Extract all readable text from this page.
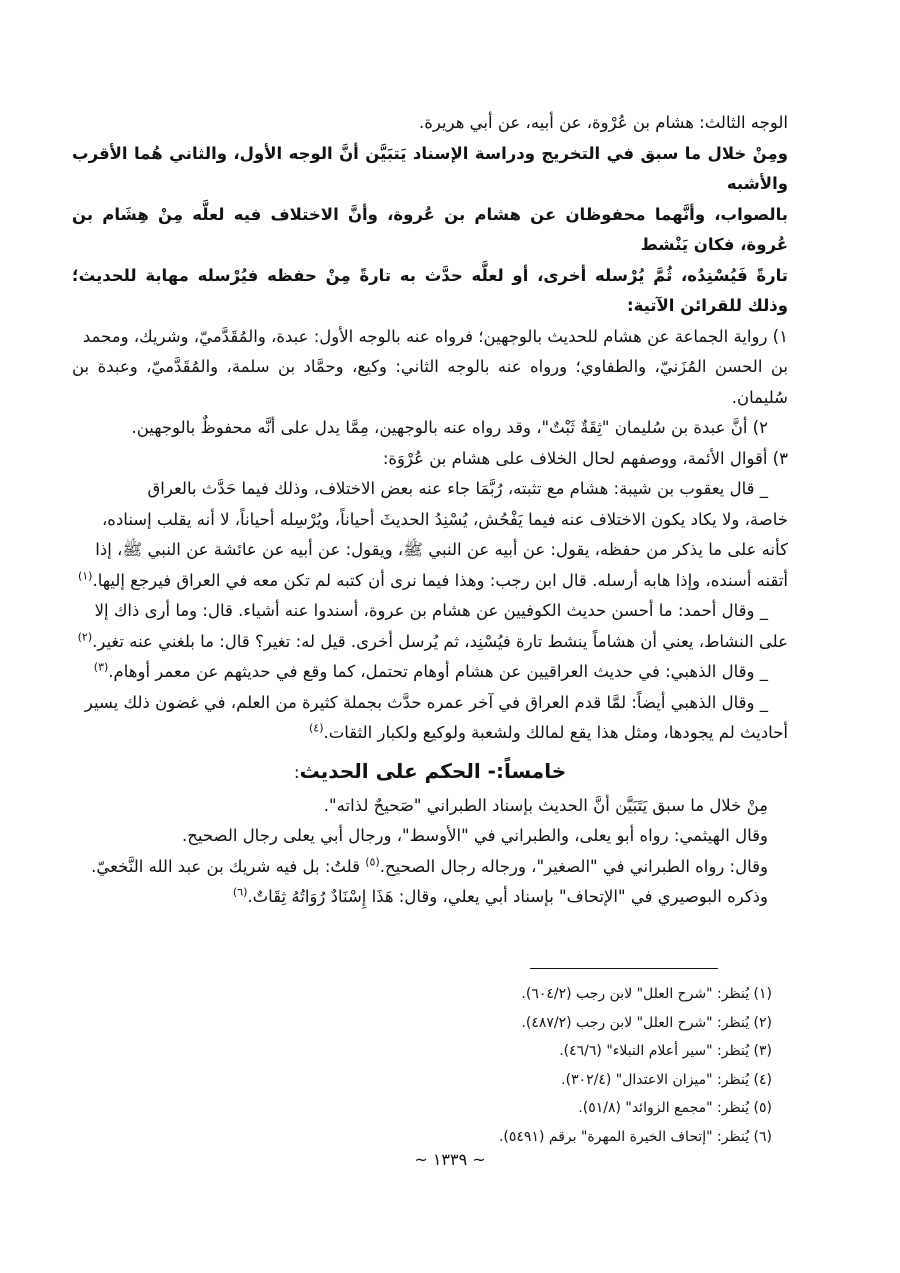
الوجه الثالث: هشام بن عُرْوة، عن أبيه، عن أبي هريرة.

ومِنْ خلال ما سبق في التخريج ودراسة الإسناد يَتبَيَّن أنَّ الوجه الأول، والثاني هُما الأقرب والأشبه

بالصواب، وأنَّهما محفوظان عن هشام بن عُروة، وأنَّ الاختلاف فيه لعلَّه مِنْ هِشَام بن عُروة، فكان يَنْشط

تارةً فَيُسْنِدُه، ثُمَّ يُرْسله أخرى، أو لعلَّه حدَّث به تارةً مِنْ حفظه فيُرْسله مهابة للحديث؛ وذلك للقرائن الآتية:

١) رواية الجماعة عن هشام للحديث بالوجهين؛ فرواه عنه بالوجه الأول: عبدة، والمُقَدَّميّ، وشريك، ومحمد

بن الحسن المُزَنيّ، والطفاوي؛ ورواه عنه بالوجه الثاني: وكيع، وحمَّاد بن سلمة، والمُقَدَّميّ، وعبدة بن سُليمان.

٢) أنَّ عبدة بن سُليمان "ثِقَةٌ ثَبْتٌ"، وقد رواه عنه بالوجهين، مِمَّا يدل على أنَّه محفوظٌ بالوجهين.

٣) أقوال الأئمة، ووصفهم لحال الخلاف على هشام بن عُرْوَة:

_ قال يعقوب بن شيبة: هشام مع تثبته، رُبَّمَا جاء عنه بعض الاختلاف، وذلك فيما حَدَّث بالعراق

خاصة، ولا يكاد يكون الاختلاف عنه فيما يَفْحُش، يُسْنِدُ الحديثَ أحياناً، ويُرْسِله أحياناً، لا أنه يقلب إسناده،

كأنه على ما يذكر من حفظه، يقول: عن أبيه عن النبي ﷺ، ويقول: عن أبيه عن عائشة عن النبي ﷺ، إذا

أتقنه أسنده، وإذا هابه أرسله. قال ابن رجب: وهذا فيما نرى أن كتبه لم تكن معه في العراق فيرجع إليها.$^{(١)}$

_ وقال أحمد: ما أحسن حديث الكوفيين عن هشام بن عروة، أسندوا عنه أشياء. قال: وما أرى ذاك إلا

على النشاط، يعني أن هشاماً ينشط تارة فيُسْنِد، ثم يُرسل أخرى. قيل له: تغير؟ قال: ما بلغني عنه تغير.$^{(٢)}$

_ وقال الذهبي: في حديث العراقيين عن هشام أوهام تحتمل، كما وقع في حديثهم عن معمر أوهام.$^{(٣)}$

_ وقال الذهبي أيضاً: لمَّا قدم العراق في آخر عمره حدَّث بجملة كثيرة من العلم، في غضون ذلك يسير

أحاديث لم يجودها، ومثل هذا يقع لمالك ولشعبة ولوكيع ولكبار الثقات.$^{(٤)}$

خامساً:- الحكم على الحديث:

مِنْ خلال ما سبق يَتَبَيَّن أنَّ الحديث بإسناد الطبراني "صَحيحٌ لذاته".

وقال الهيثمي: رواه أبو يعلى، والطبراني في "الأوسط"، ورجال أبي يعلى رجال الصحيح.

وقال: رواه الطبراني في "الصغير"، ورجاله رجال الصحيح.$^{(٥)}$ قلتُ: بل فيه شريك بن عبد الله النَّخعيّ.

وذكره البوصيري في "الإتحاف" بإسناد أبي يعلي، وقال: هَذَا إِسْنَادٌ رُوَاتُهُ ثِقَاتٌ.$^{(٦)}$

(١) يُنظر: "شرح العلل" لابن رجب (٦٠٤/٢).

(٢) يُنظر: "شرح العلل" لابن رجب (٤٨٧/٢).

(٣) يُنظر: "سير أعلام النبلاء" (٤٦/٦).

(٤) يُنظر: "ميزان الاعتدال" (٣٠٢/٤).

(٥) يُنظر: "مجمع الزوائد" (٥١/٨).

(٦) يُنظر: "إتحاف الخيرة المهرة" برقم (٥٤٩١).

~ ١٣٣٩ ~
